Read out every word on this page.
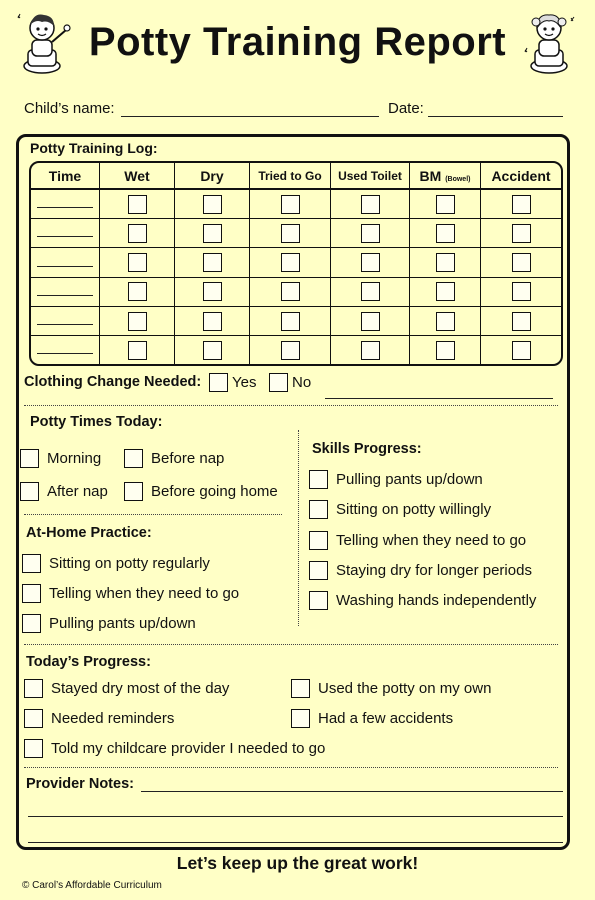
Potty Training Report
Child’s name:	Date:
Potty Training Log:
Time	Wet	Dry	Tried to Go	Used Toilet	BM (Bowel)	Accident

Clothing Change Needed: Yes No
Potty Times Today:
Morning	Before nap
After nap	Before going home
At-Home Practice:
Sitting on potty regularly
Telling when they need to go
Pulling pants up/down
Skills Progress:
Pulling pants up/down
Sitting on potty willingly
Telling when they need to go
Staying dry for longer periods
Washing hands independently
Today’s Progress:
Stayed dry most of the day	Used the potty on my own
Needed reminders	Had a few accidents
Told my childcare provider I needed to go
Provider Notes:
Let’s keep up the great work!
© Carol’s Affordable Curriculum
